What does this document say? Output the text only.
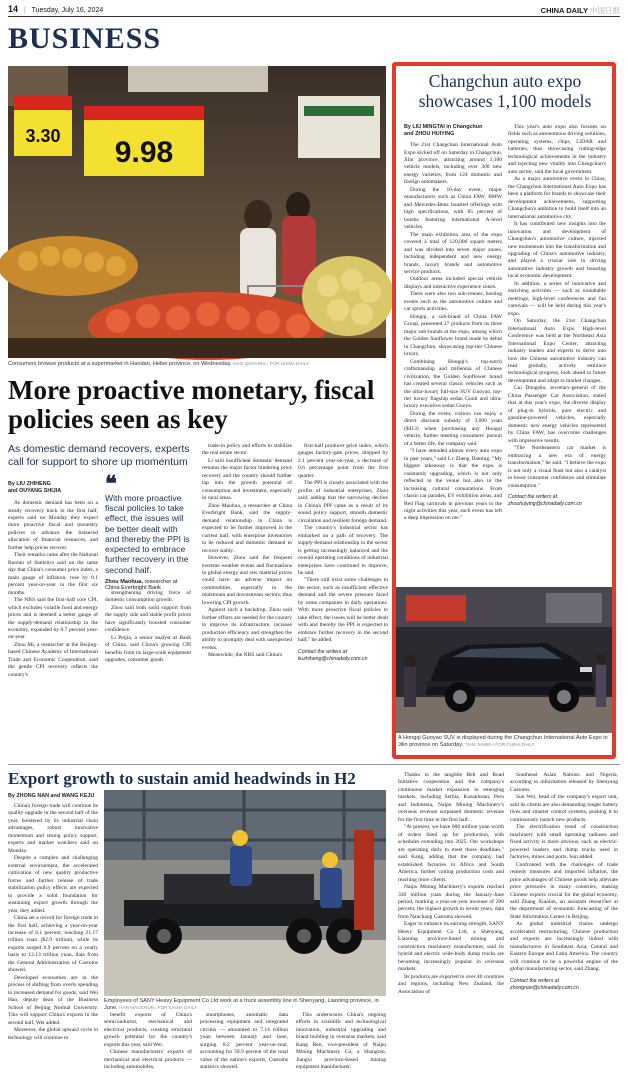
14 | Tuesday, July 16, 2024	CHINA DAILY 中国日报
BUSINESS
3.30 9.98
Consumers browse products at a supermarket in Handan, Hebei province, on Wednesday. HAO QUNYING / FOR CHINA DAILY
More proactive monetary, fiscal policies seen as key
As domestic demand recovers, experts call for support to shore up momentum
By LIU ZHIHENG
and OUYANG SHIJIA

As domestic demand has been on a steady recovery track in the first half, experts said on Monday they expect more proactive fiscal and monetary policies to advance the balanced allocation of financial resources, and further help prices recover.

Their remarks came after the National Bureau of Statistics said on the same day that China's consumer price index, a main gauge of inflation, rose by 0.1 percent year-on-year in the first six months.

The NBS said the first-half core CPI, which excludes volatile food and energy prices and is deemed a better gauge of the supply-demand relationship in the economy, expanded by 0.7 percent year-on-year.

Zhou Mi, a researcher at the Beijing-based Chinese Academy of International Trade and Economic Cooperation, said the gentle CPI recovery reflects the country's

❝
With more proactive fiscal policies to take effect, the issues will be better dealt with and thereby the PPI is expected to embrace further recovery in the second half.
Zhou Maohua, researcher at China Everbright Bank

strengthening driving force of domestic consumption growth.

Zhou said both solid support from the supply side and stable profit prices have significantly boosted consumer confidence.

Li Peijia, a senior analyst at Bank of China, said China's growing CPI benefits from its large-scale equipment upgrades, consumer goods

trade-in policy and efforts to stabilize the real estate sector.

Li said insufficient domestic demand remains the major factor hindering price recovery and the country should further tap into the growth potential of consumption and investment, especially in rural areas.

Zhou Maohua, a researcher at China Everbright Bank, said the supply-demand relationship in China is expected to be further improved in the current half, with enterprise inventories to be reduced and domestic demand to recover stably.

However, Zhou said the frequent extreme weather events and fluctuations in global energy and raw material prices could have an adverse impact on commodities, especially in the midstream and downstream sectors, thus lowering CPI growth.

Against such a backdrop, Zhou said further efforts are needed for the country to improve its infrastructure, increase production efficiency and strengthen the ability to promptly deal with unexpected events.

Meanwhile, the NBS said China's

first-half producer price index, which gauges factory-gate prices, dropped by 2.1 percent year-on-year, a decrease of 0.6 percentage point from the first quarter.

The PPI is closely associated with the profits of industrial enterprises, Zhou said, adding that the narrowing decline in China's PPI came as a result of its sound policy support, smooth domestic circulation and resilient foreign demand.

The country's industrial sector has embarked on a path of recovery. The supply-demand relationship in the sector is getting increasingly balanced and the overall operating conditions of industrial enterprises have continued to improve, he said.

"There still exist some challenges in the sector, such as insufficient effective demand and the severe pressure faced by some companies in daily operations. With more proactive fiscal policies to take effect, the issues will be better dealt with and thereby the PPI is expected to embrace further recovery in the second half," he added.

Contact the writers at
liuzhiheng@chinadaily.com.cn
Changchun auto expo showcases 1,100 models
By LIU MINGTAI in Changchun
and ZHOU HUIYING

The 21st Changchun International Auto Expo kicked off on Saturday in Changchun, Jilin province, attracting around 1,100 vehicle models, including over 300 new energy varieties, from 124 domestic and foreign automakers.

During the 10-day event, major manufacturers such as China FAW, BMW and Mercedes-Benz boasted offerings with high specifications, with 85 percent of booths featuring international A-level vehicles.

The main exhibition area of the expo covered a total of 120,000 square meters and was divided into seven major zones, including independent and new energy brands, luxury brands and automotive service products.

Outdoor areas included special vehicle displays and interactive experience zones.

There were also two sub-venues, hosting events such as the automotive culture and car sports activities.

Hongqi, a sub-brand of China FAW Group, presented 17 products from its three major sub-brands at the expo, among which the Golden Sunflower brand made its debut in Changchun, showcasing top-tier Chinese luxury.

Combining Hongqi's top-notch craftsmanship and millennia of Chinese civilization, the Golden Sunflower brand has created several classic vehicles such as the ultra-luxury full-size SUV Guoyao, top-tier luxury flagship sedan Guoli and ultra-luxury executive sedan Guoya.

During the event, visitors can enjoy a direct discount subsidy of 3,000 yuan ($413) when purchasing any Hongqi vehicle, further meeting consumers' pursuit of a better life, the company said.

"I have attended almost every auto expo in past years," said Lv Zheng Daming. "My biggest takeaway is that the expo is constantly upgrading, which is not only reflected in the venue but also in the increasing cultural connotations. From classic car parades, EV exhibition areas, and Red Flag carnivals in previous years to the night activities this year, each event has left a deep impression on me."

This year's auto expo also focuses on fields such as autonomous driving solutions, operating systems, chips, LiDAR and batteries, thus showcasing cutting-edge technological achievements in the industry and injecting new vitality into Changchun's auto sector, said the local government.

As a major automotive event in China, the Changchun International Auto Expo has been a platform for brands to showcase their development achievements, supporting Changchun's ambition to build itself into an international automotive city.

It has contributed new insights into the innovation and development of Changchun's automotive culture, injected new momentum into the transformation and upgrading of China's automotive industry, and played a crucial role in driving automotive industry growth and boosting local economic development.

In addition, a series of innovative and enriching activities — such as roundtable meetings, high-level conferences and fan carnivals — will be held during this year's expo.

On Saturday, the 21st Changchun International Auto Expo High-level Conference was held at the Northeast Asia International Expo Center, attracting industry leaders and experts to delve into how the Chinese automotive industry can lead globally, actively embrace technological progress, look ahead to future development and adapt to market changes.

Cui Dongshu, secretary-general of the China Passenger Car Association, stated that at this year's expo, the diverse display of plug-in hybrids, pure electric and gasoline-powered vehicles, especially domestic new energy vehicles represented by China FAW, has overcome challenges with impressive results.

"The Northeastern car market is embracing a new era of energy transformation," he said. "I believe the expo is not only a visual feast but also a catalyst to boost consumer confidence and stimulate consumption."

Contact the writers at
zhouhuiying@chinadaily.com.cn
A Hongqi Guoyao SUV is displayed during the Changchun International Auto Expo in Jilin province on Saturday. TIAN JIAMIN / FOR CHINA DAILY
Export growth to sustain amid headwinds in H2
By ZHONG NAN and WANG KEJU

China's foreign trade will continue its quality upgrade in the second half of the year, bolstered by its industrial chain advantages, robust innovative momentum and strong policy support, experts and market watchers said on Monday.

Despite a complex and challenging external environment, the accelerated cultivation of new quality productive forces and further release of trade stabilization policy effects are expected to provide a solid foundation for sustaining export growth through the year, they added.

China set a record for foreign trade in the first half, achieving a year-on-year increase of 6.1 percent, reaching 21.17 trillion yuan ($2.9 trillion), while its exports surged 6.9 percent on a yearly basis to 12.13 trillion yuan, data from the General Administration of Customs showed.

Developed economies are in the process of shifting from overly spending to increased demand for goods, said Wei Hao, deputy dean of the Business School of Beijing Normal University. This will support China's exports in the second half, Wei added.

Moreover, the global upward cycle in technology will continue to

Employees of SANY Heavy Equipment Co Ltd work at a truck assembly line in Shenyang, Liaoning province, in June. HAN MAOCHUN / FOR CHINA DAILY

benefit exports of China's semiconductor, mechanical and electrical products, creating structural growth potential for the country's exports this year, said Wei.

Chinese manufacturers' exports of mechanical and electrical products — including automobiles,

smartphones, automatic data processing equipment and integrated circuits — amounted to 7.14 trillion yuan between January and June, surging 8.2 percent year-on-year, accounting for 58.9 percent of the total value of the nation's exports, Customs statistics showed.

This underscores China's ongoing efforts in scientific and technological innovation, industrial upgrading and brand building in overseas markets, said Kang Ren, vice-president of Naipu Mining Machinery Co, a Shangrao, Jiangxi province-based mining equipment manufacturer.

Thanks to the tangible Belt and Road Initiative cooperation and the company's continuous market expansion in emerging markets, including Serbia, Kazakhstan, Peru and Indonesia, Naipu Mining Machinery's overseas revenue surpassed domestic revenue for the first time in the first half.

"At present, we have 600 million yuan worth of orders lined up for production, with schedules extending into 2025. Our workshops are operating daily to meet those deadlines," said Kang, adding that the company had established factories in Africa and South America, further cutting production costs and reaching more clients.

Naipu Mining Machinery's exports reached 330 million yuan during the January-June period, marking a year-on-year increase of 200 percent, the highest growth in recent years, data from Nanchang Customs showed.

Eager to enhance its earning strength, SANY Heavy Equipment Co Ltd, a Shenyang, Liaoning province-based mining and construction machinery manufacturer, said its hybrid and electric wide-body dump trucks are becoming increasingly popular in overseas markets.

Its products are exported to over 40 countries and regions, including New Zealand, the Association of

Southeast Asian Nations and Nigeria, according to information released by Shenyang Customs.

Sun Wei, head of the company's export unit, said its clients are also demanding longer battery lives and smarter control systems, pushing it to continuously launch new products.

The electrification trend of construction machinery with small operating radiuses and fixed activity is more obvious, such as electric-powered loaders and dump trucks used in factories, mines and ports, Sun added.

Confronted with the challenges of trade remedy measures and imported inflation, the price advantages of Chinese goods help alleviate price pressures in many countries, making Chinese exports crucial for the global economy, said Zhang Xiaolan, an assistant researcher at the department of economic forecasting of the State Information Center in Beijing.

As global industrial chains undergo accelerated restructuring, Chinese production and exports are increasingly linked with manufacturers in Southeast Asia, Central and Eastern Europe and Latin America. The country will continue to be a powerful engine of the global manufacturing sector, said Zhang.

Contact the writers at
zhongnan@chinadaily.com.cn
